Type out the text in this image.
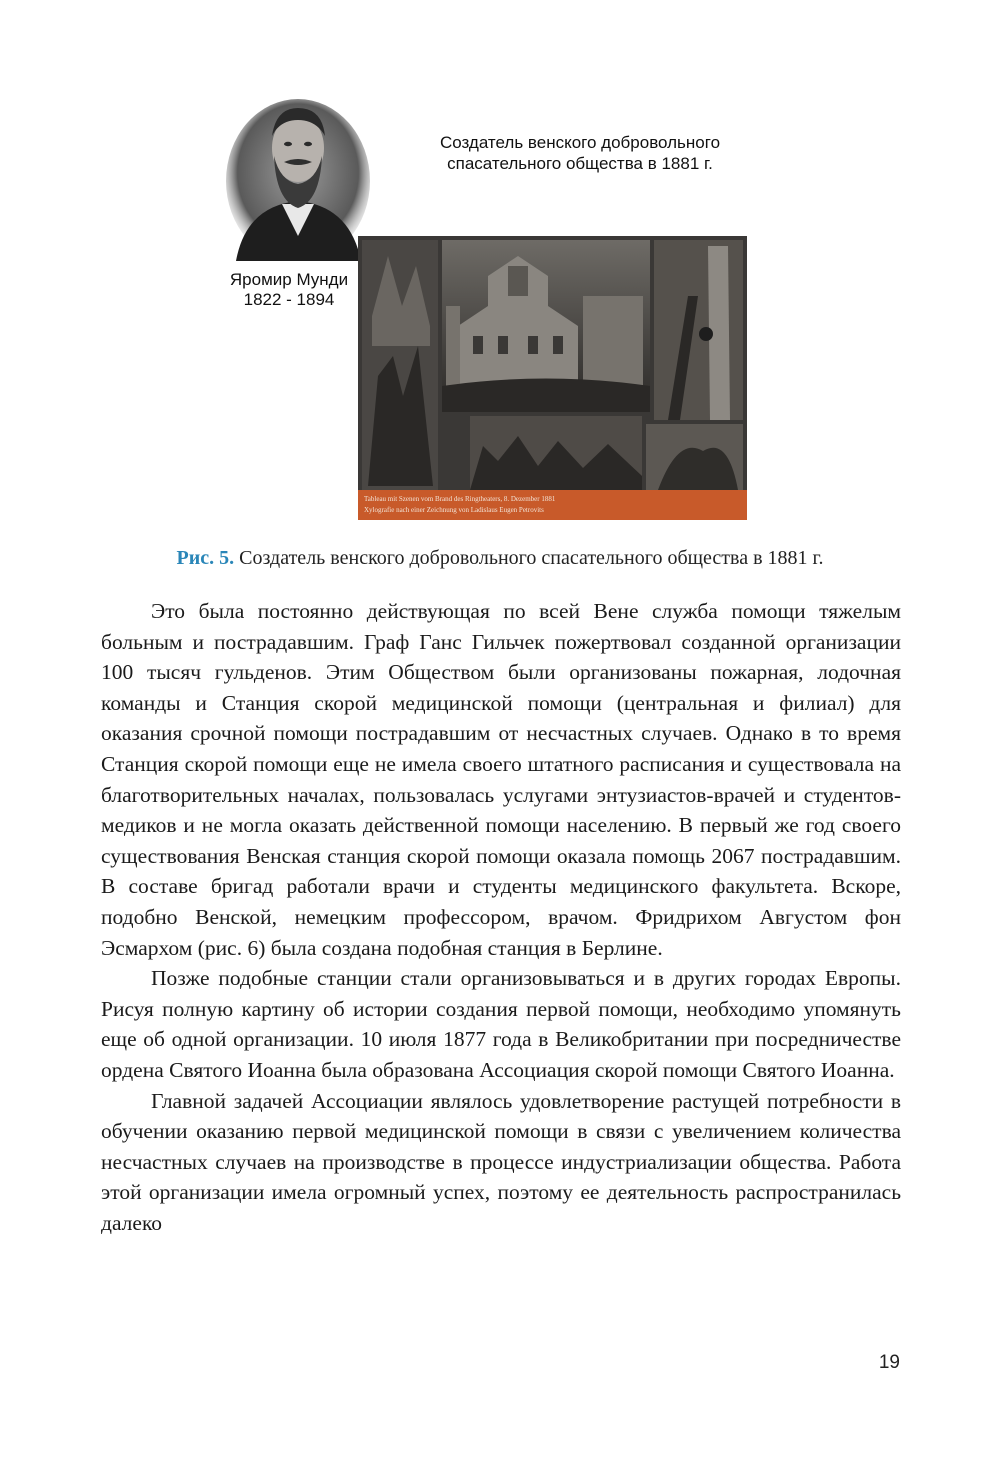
Яромир Мунди
1822 - 1894
Создатель венского добровольного
спасательного общества в 1881 г.
Tableau mit Szenen vom Brand des Ringtheaters, 8. Dezember 1881
Xylografie nach einer Zeichnung von Ladislaus Eugen Petrovits
Рис. 5. Создатель венского добровольного спасательного общества в 1881 г.

Это была постоянно действующая по всей Вене служба помощи тяжелым больным и пострадавшим. Граф Ганс Гильчек пожертвовал созданной организации 100 тысяч гульденов. Этим Обществом были организованы пожарная, лодочная команды и Станция скорой медицинской помощи (центральная и филиал) для оказания срочной помощи пострадавшим от несчастных случаев. Однако в то время Станция скорой помощи еще не имела своего штатного расписания и существовала на благотворительных началах, пользовалась услугами энтузиастов-врачей и студентов-медиков и не могла оказать действенной помощи населению. В первый же год своего существования Венская станция скорой помощи оказала помощь 2067 пострадавшим. В составе бригад работали врачи и студенты медицинского факультета. Вскоре, подобно Венской, немецким профессором, врачом. Фридрихом Августом фон Эсмархом (рис. 6) была создана подобная станция в Берлине.

Позже подобные станции стали организовываться и в других городах Европы. Рисуя полную картину об истории создания первой помощи, необходимо упомянуть еще об одной организации. 10 июля 1877 года в Великобритании при посредничестве ордена Святого Иоанна была образована Ассоциация скорой помощи Святого Иоанна.

Главной задачей Ассоциации являлось удовлетворение растущей потребности в обучении оказанию первой медицинской помощи в связи с увеличением количества несчастных случаев на производстве в процессе индустриализации общества. Работа этой организации имела огромный успех, поэтому ее деятельность распространилась далеко

19
